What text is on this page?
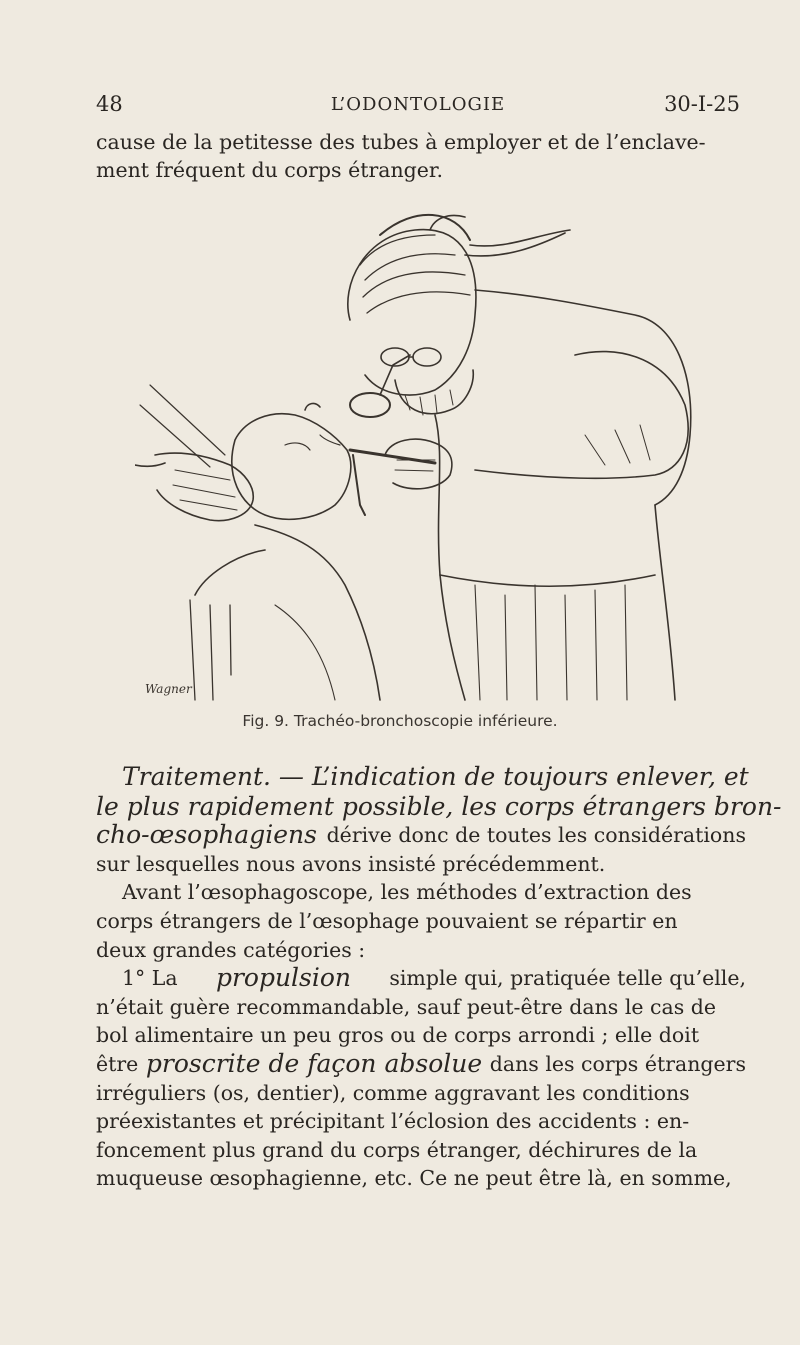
48	L’ODONTOLOGIE	30-I-25
cause de la petitesse des tubes à employer et de l’enclave-
ment fréquent du corps étranger.
Wagner
Fig. 9. Trachéo-bronchoscopie inférieure.
Traitement. — L’indication de toujours enlever, et
le plus rapidement possible, les corps étrangers bron-
cho-œsophagiens dérive donc de toutes les considérations
sur lesquelles nous avons insisté précédemment.
Avant l’œsophagoscope, les méthodes d’extraction des
corps étrangers de l’œsophage pouvaient se répartir en
deux grandes catégories :
1° La propulsion simple qui, pratiquée telle qu’elle,
n’était guère recommandable, sauf peut-être dans le cas de
bol alimentaire un peu gros ou de corps arrondi ; elle doit
être proscrite de façon absolue dans les corps étrangers
irréguliers (os, dentier), comme aggravant les conditions
préexistantes et précipitant l’éclosion des accidents : en-
foncement plus grand du corps étranger, déchirures de la
muqueuse œsophagienne, etc. Ce ne peut être là, en somme,
